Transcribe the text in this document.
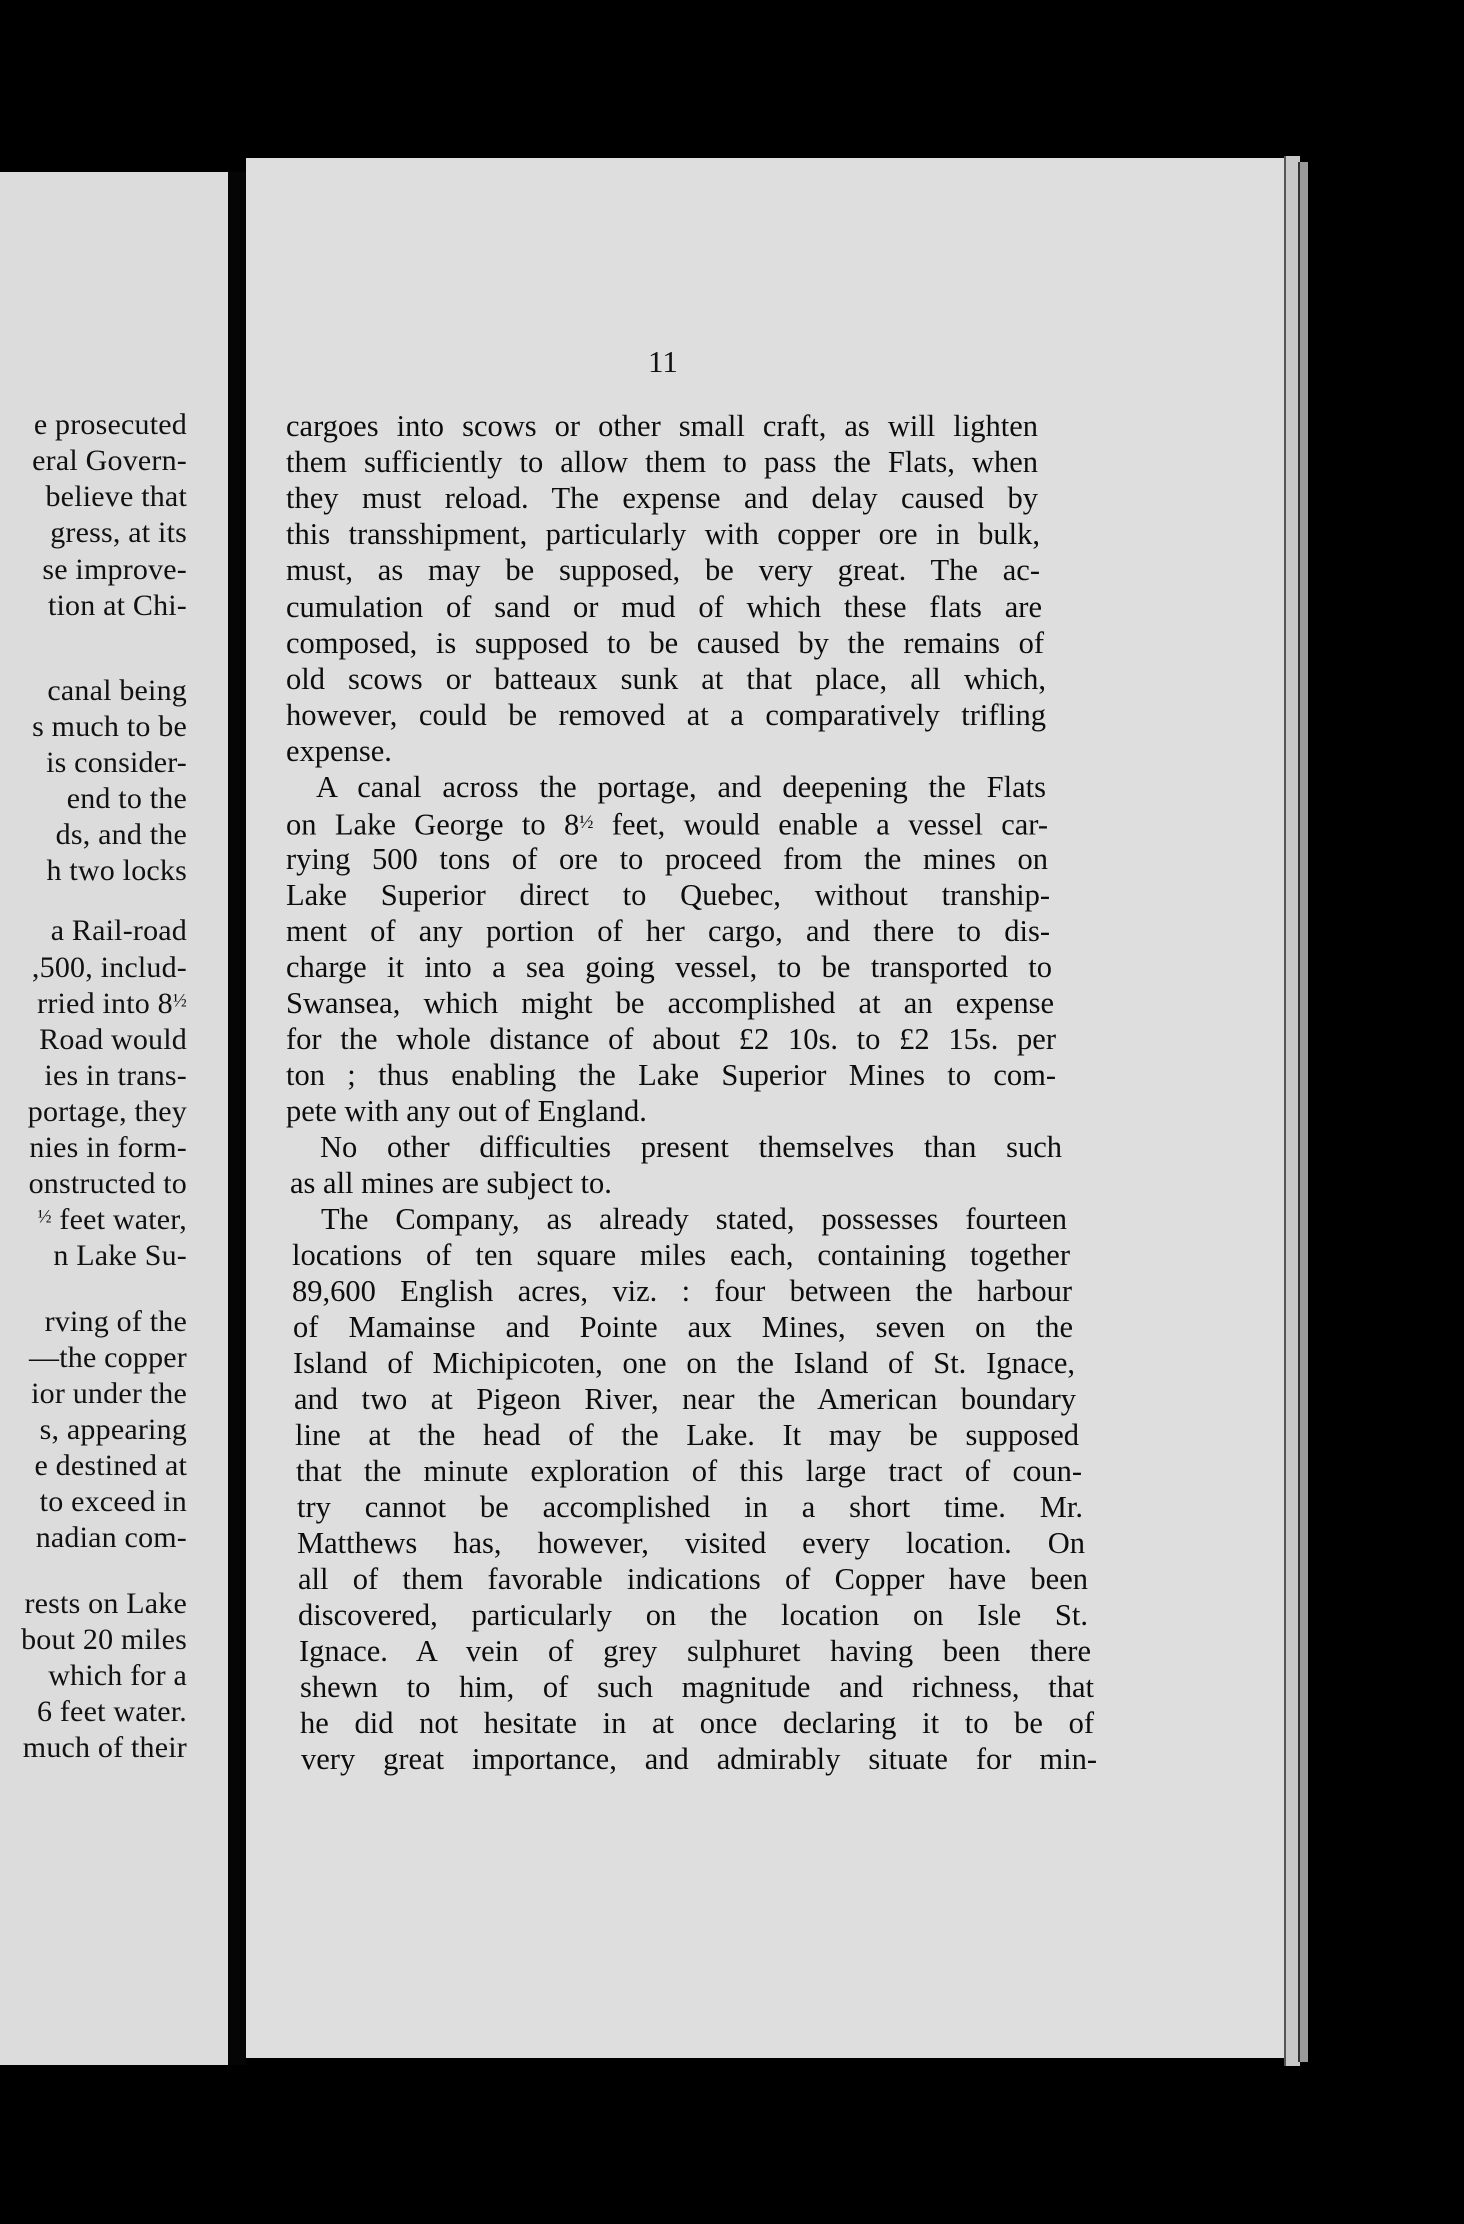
e prosecuted
eral Govern-
believe that
gress, at its
se improve-
tion at Chi-
canal being
s much to be
is consider-
end to the
ds, and the
h two locks
a Rail-road
,500, includ-
rried into $8^{\frac{1}{2}}$
Road would
ies in trans-
portage, they
nies in form-
onstructed to
$^{\frac{1}{2}}$ feet water,
n Lake Su-
rving of the
—the copper
ior under the
s, appearing
e destined at
to exceed in
nadian com-
rests on Lake
bout 20 miles
which for a
6 feet water.
much of their
11
cargoes into scows or other small craft, as will lighten
them sufficiently to allow them to pass the Flats, when
they must reload. The expense and delay caused by
this transshipment, particularly with copper ore in bulk,
must, as may be supposed, be very great. The ac-
cumulation of sand or mud of which these flats are
composed, is supposed to be caused by the remains of
old scows or batteaux sunk at that place, all which,
however, could be removed at a comparatively trifling
expense.
A canal across the portage, and deepening the Flats
on Lake George to $8^{\frac{1}{2}}$ feet, would enable a vessel car-
rying 500 tons of ore to proceed from the mines on
Lake Superior direct to Quebec, without tranship-
ment of any portion of her cargo, and there to dis-
charge it into a sea going vessel, to be transported to
Swansea, which might be accomplished at an expense
for the whole distance of about £2 10s. to £2 15s. per
ton ; thus enabling the Lake Superior Mines to com-
pete with any out of England.
No other difficulties present themselves than such
as all mines are subject to.
The Company, as already stated, possesses fourteen
locations of ten square miles each, containing together
89,600 English acres, viz. : four between the harbour
of Mamainse and Pointe aux Mines, seven on the
Island of Michipicoten, one on the Island of St. Ignace,
and two at Pigeon River, near the American boundary
line at the head of the Lake. It may be supposed
that the minute exploration of this large tract of coun-
try cannot be accomplished in a short time. Mr.
Matthews has, however, visited every location. On
all of them favorable indications of Copper have been
discovered, particularly on the location on Isle St.
Ignace. A vein of grey sulphuret having been there
shewn to him, of such magnitude and richness, that
he did not hesitate in at once declaring it to be of
very great importance, and admirably situate for min-
